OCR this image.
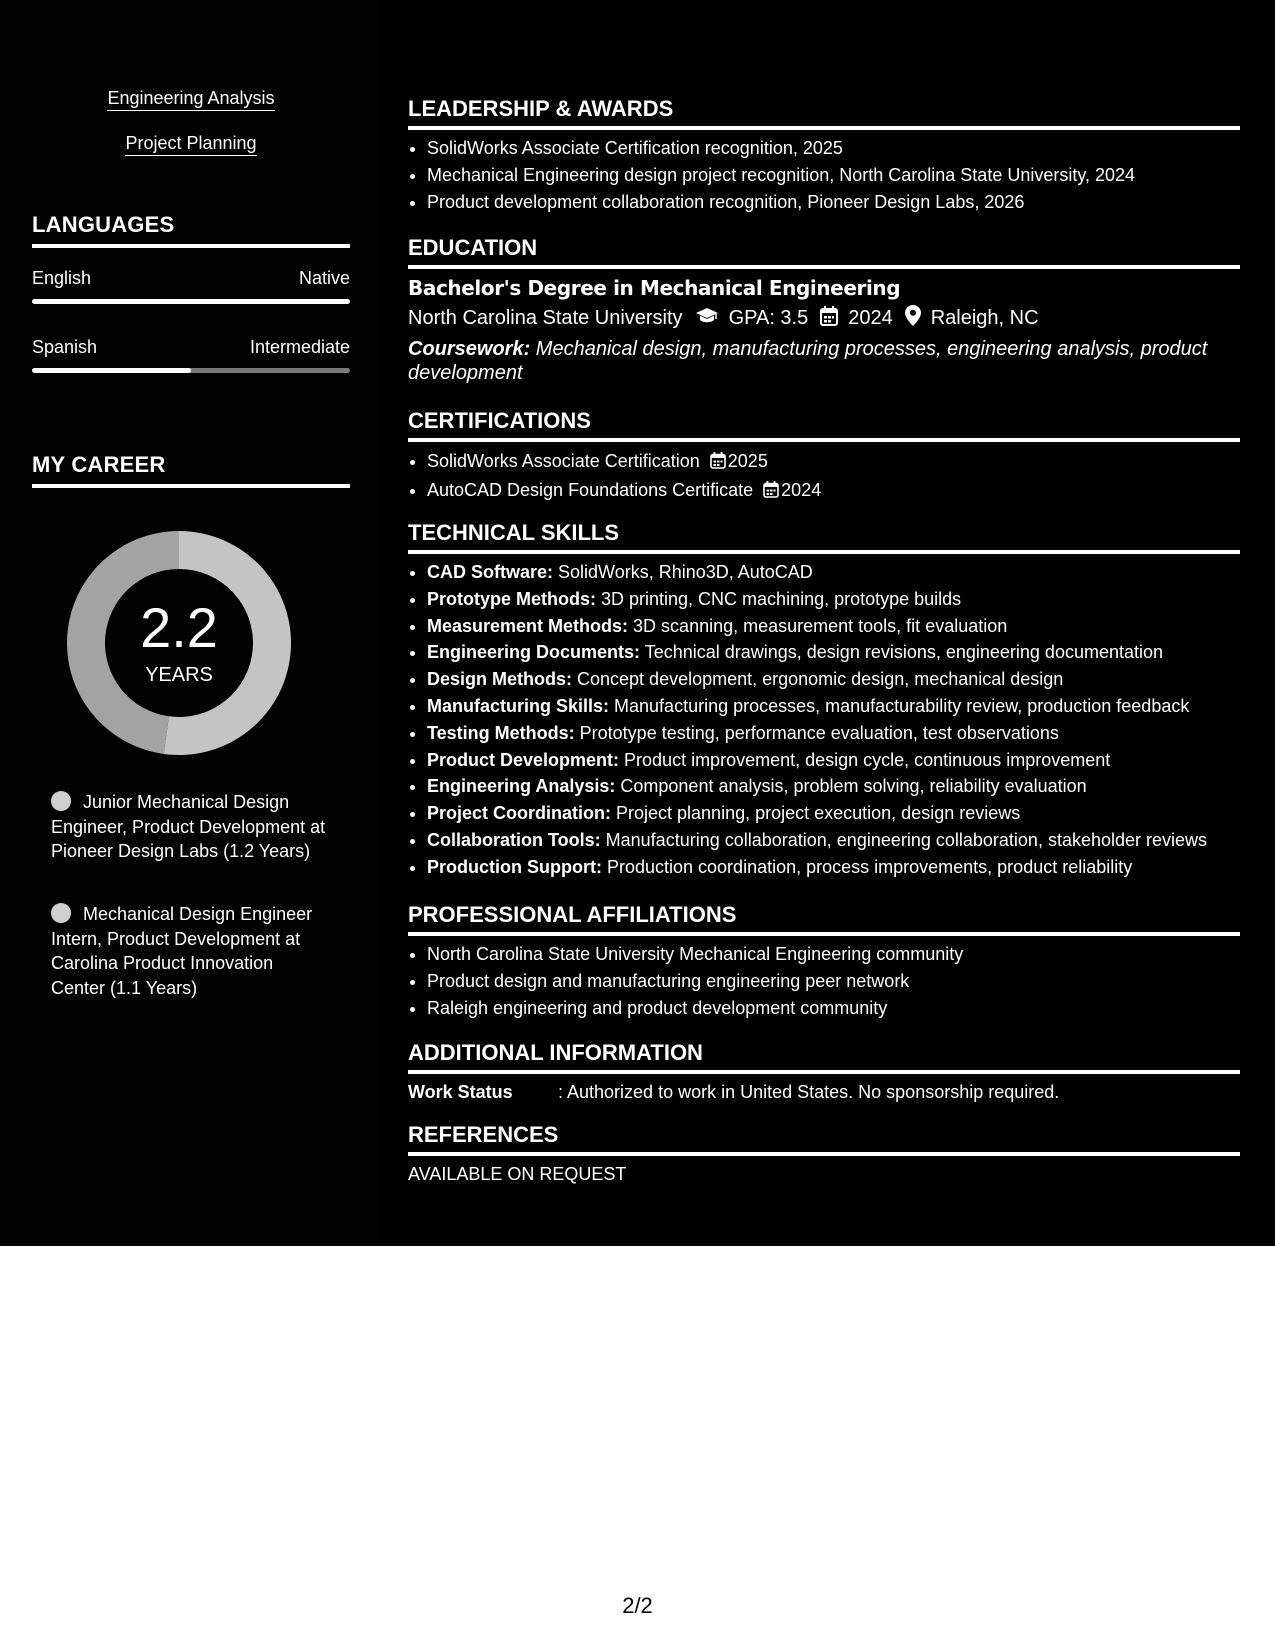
Engineering Analysis
Project Planning
LANGUAGES
English	Native
Spanish	Intermediate
MY CAREER
2.2
YEARS
Junior Mechanical Design Engineer, Product Development at Pioneer Design Labs (1.2 Years)
Mechanical Design Engineer Intern, Product Development at Carolina Product Innovation Center (1.1 Years)
LEADERSHIP & AWARDS
• SolidWorks Associate Certification recognition, 2025
• Mechanical Engineering design project recognition, North Carolina State University, 2024
• Product development collaboration recognition, Pioneer Design Labs, 2026
EDUCATION
Bachelor's Degree in Mechanical Engineering
North Carolina State University GPA: 3.5 2024 Raleigh, NC
Coursework: Mechanical design, manufacturing processes, engineering analysis, product development
CERTIFICATIONS
• SolidWorks Associate Certification 2025
• AutoCAD Design Foundations Certificate 2024
TECHNICAL SKILLS
• CAD Software: SolidWorks, Rhino3D, AutoCAD
• Prototype Methods: 3D printing, CNC machining, prototype builds
• Measurement Methods: 3D scanning, measurement tools, fit evaluation
• Engineering Documents: Technical drawings, design revisions, engineering documentation
• Design Methods: Concept development, ergonomic design, mechanical design
• Manufacturing Skills: Manufacturing processes, manufacturability review, production feedback
• Testing Methods: Prototype testing, performance evaluation, test observations
• Product Development: Product improvement, design cycle, continuous improvement
• Engineering Analysis: Component analysis, problem solving, reliability evaluation
• Project Coordination: Project planning, project execution, design reviews
• Collaboration Tools: Manufacturing collaboration, engineering collaboration, stakeholder reviews
• Production Support: Production coordination, process improvements, product reliability
PROFESSIONAL AFFILIATIONS
• North Carolina State University Mechanical Engineering community
• Product design and manufacturing engineering peer network
• Raleigh engineering and product development community
ADDITIONAL INFORMATION
Work Status	: Authorized to work in United States. No sponsorship required.
REFERENCES
AVAILABLE ON REQUEST
2/2
